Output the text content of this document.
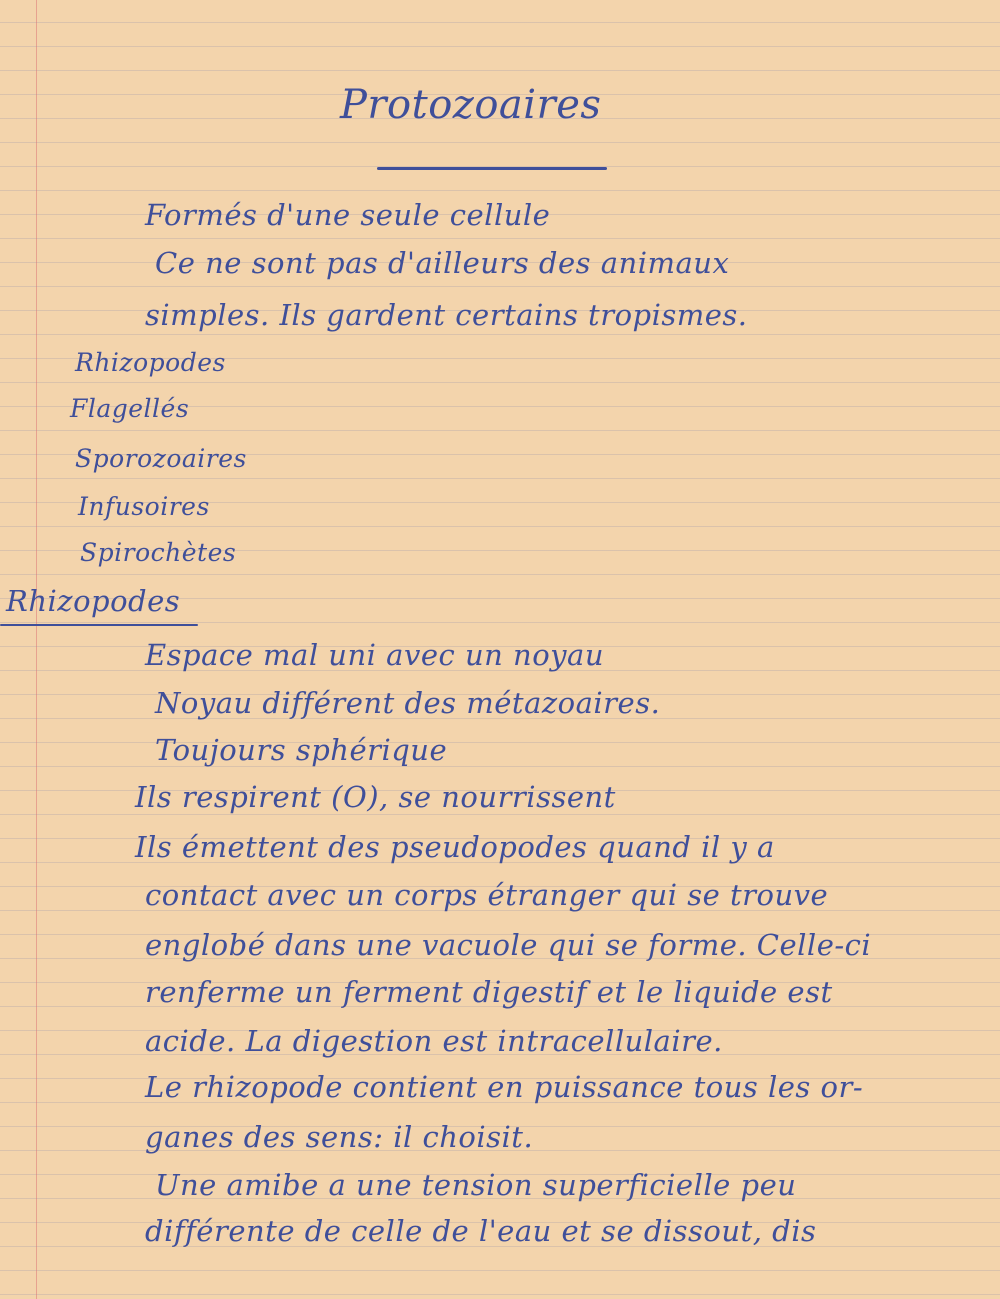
Protozoaires
Formés d'une seule cellule
Ce ne sont pas d'ailleurs des animaux
simples. Ils gardent certains tropismes.
Rhizopodes
Flagellés
Sporozoaires
Infusoires
Spirochètes
Rhizopodes
Espace mal uni avec un noyau
Noyau différent des métazoaires.
Toujours sphérique
Ils respirent (O), se nourrissent
Ils émettent des pseudopodes quand il y a
contact avec un corps étranger qui se trouve
englobé dans une vacuole qui se forme. Celle-ci
renferme un ferment digestif et le liquide est
acide. La digestion est intracellulaire.
Le rhizopode contient en puissance tous les or-
ganes des sens: il choisit.
Une amibe a une tension superficielle peu
différente de celle de l'eau et se dissout, dis
